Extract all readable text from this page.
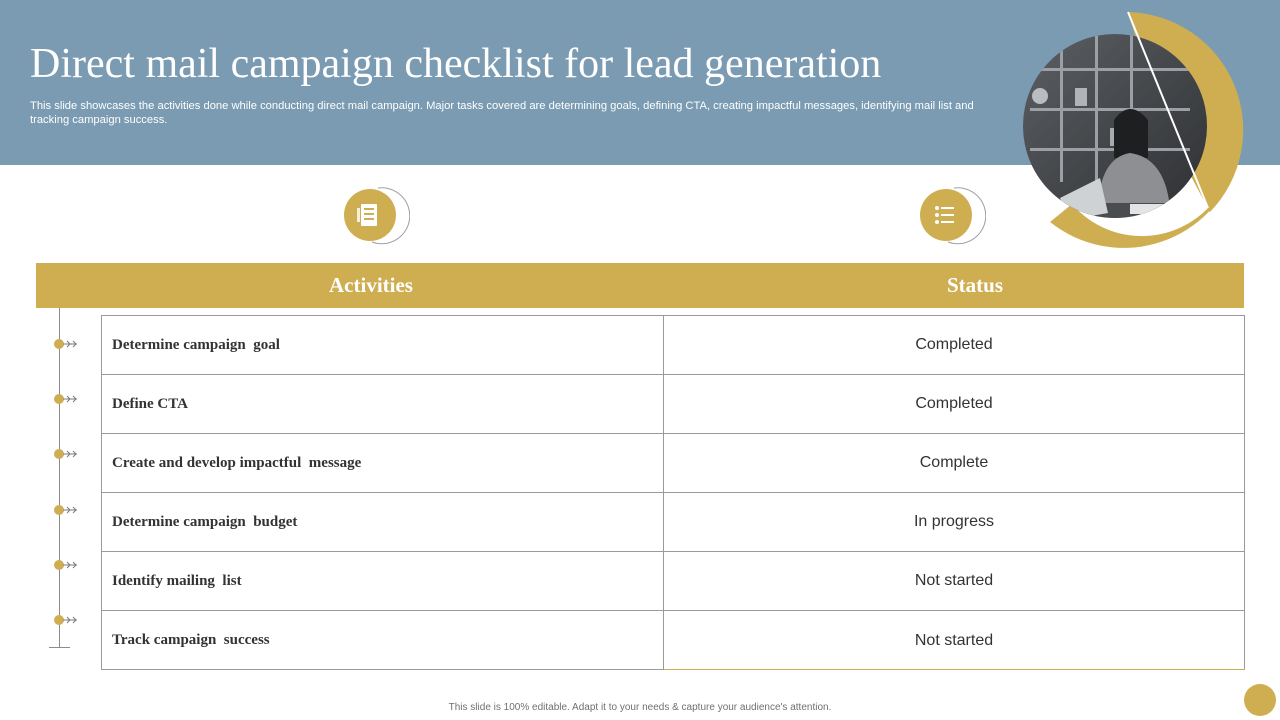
Direct mail campaign checklist for lead generation
This slide showcases the activities done while conducting direct mail campaign. Major tasks covered are determining goals, defining CTA, creating impactful messages, identifying mail list and tracking campaign success.
Activities	Status
Determine campaign  goal	Completed
Define CTA	Completed
Create and develop impactful  message	Complete
Determine campaign  budget	In progress
Identify mailing  list	Not started
Track campaign  success	Not started
This slide is 100% editable. Adapt it to your needs & capture your audience's attention.
